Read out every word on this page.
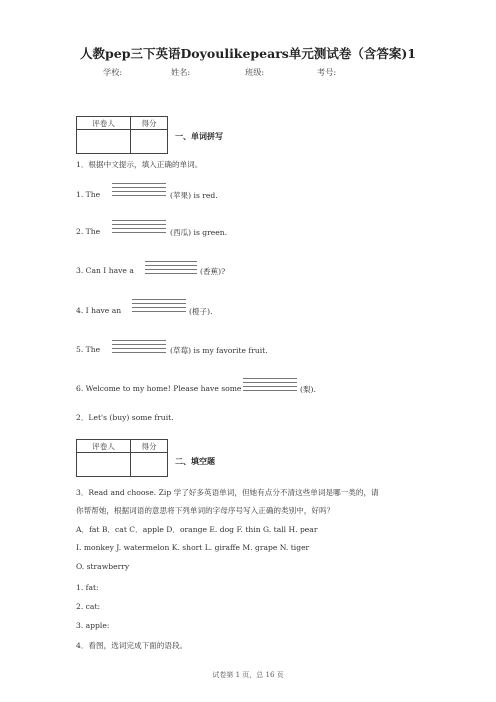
人教pep三下英语Doyoulikepears单元测试卷（含答案)1
学校:	姓名:	班级:	考号:
评卷人	得分

一、单词拼写
1．根据中文提示，填入正确的单词。
1. The	(苹果) is red.
2. The	(西瓜) is green.
3. Can I have a	(香蕉)?
4. I have an	(橙子).
5. The	(草莓) is my favorite fruit.
6. Welcome to my home! Please have some	(梨).
2．Let's (buy) some fruit.
评卷人	得分

二、填空题
3．Read and choose. Zip 学了好多英语单词，但她有点分不清这些单词是哪一类的，请
你帮帮她，根据词语的意思将下列单词的字母序号写入正确的类别中，好吗？
A．fat B．cat C．apple D．orange E. dog F. thin G. tall H. pear
I. monkey J. watermelon K. short L. giraffe M. grape N. tiger
O. strawberry
1. fat:
2. cat:
3. apple:
4．看图，选词完成下面的语段。
试卷第 1 页，总 16 页
